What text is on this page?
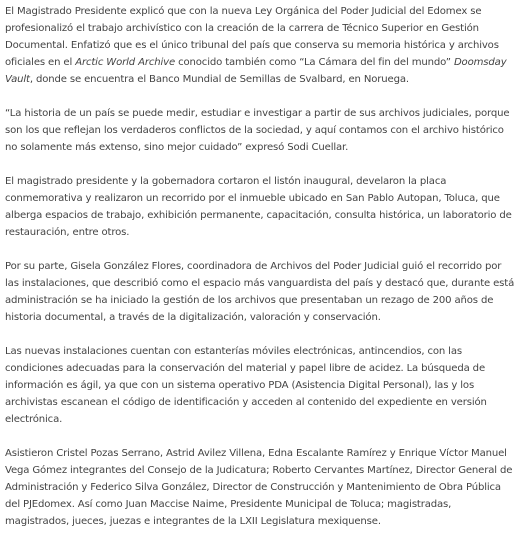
El Magistrado Presidente explicó que con la nueva Ley Orgánica del Poder Judicial del Edomex se profesionalizó el trabajo archivístico con la creación de la carrera de Técnico Superior en Gestión Documental. Enfatizó que es el único tribunal del país que conserva su memoria histórica y archivos oficiales en el Arctic World Archive conocido también como “La Cámara del fin del mundo” Doomsday Vault, donde se encuentra el Banco Mundial de Semillas de Svalbard, en Noruega.

“La historia de un país se puede medir, estudiar e investigar a partir de sus archivos judiciales, porque son los que reflejan los verdaderos conflictos de la sociedad, y aquí contamos con el archivo histórico no solamente más extenso, sino mejor cuidado” expresó Sodi Cuellar.

El magistrado presidente y la gobernadora cortaron el listón inaugural, develaron la placa conmemorativa y realizaron un recorrido por el inmueble ubicado en San Pablo Autopan, Toluca, que alberga espacios de trabajo, exhibición permanente, capacitación, consulta histórica, un laboratorio de restauración, entre otros.

Por su parte, Gisela González Flores, coordinadora de Archivos del Poder Judicial guió el recorrido por las instalaciones, que describió como el espacio más vanguardista del país y destacó que, durante está administración se ha iniciado la gestión de los archivos que presentaban un rezago de 200 años de historia documental, a través de la digitalización, valoración y conservación.

Las nuevas instalaciones cuentan con estanterías móviles electrónicas, antincendios, con las condiciones adecuadas para la conservación del material y papel libre de acidez. La búsqueda de información es ágil, ya que con un sistema operativo PDA (Asistencia Digital Personal), las y los archivistas escanean el código de identificación y acceden al contenido del expediente en versión electrónica.

Asistieron Cristel Pozas Serrano, Astrid Avilez Villena, Edna Escalante Ramírez y Enrique Víctor Manuel Vega Gómez integrantes del Consejo de la Judicatura; Roberto Cervantes Martínez, Director General de Administración y Federico Silva González, Director de Construcción y Mantenimiento de Obra Pública del PJEdomex. Así como Juan Maccise Naime, Presidente Municipal de Toluca; magistradas, magistrados, jueces, juezas e integrantes de la LXII Legislatura mexiquense.
